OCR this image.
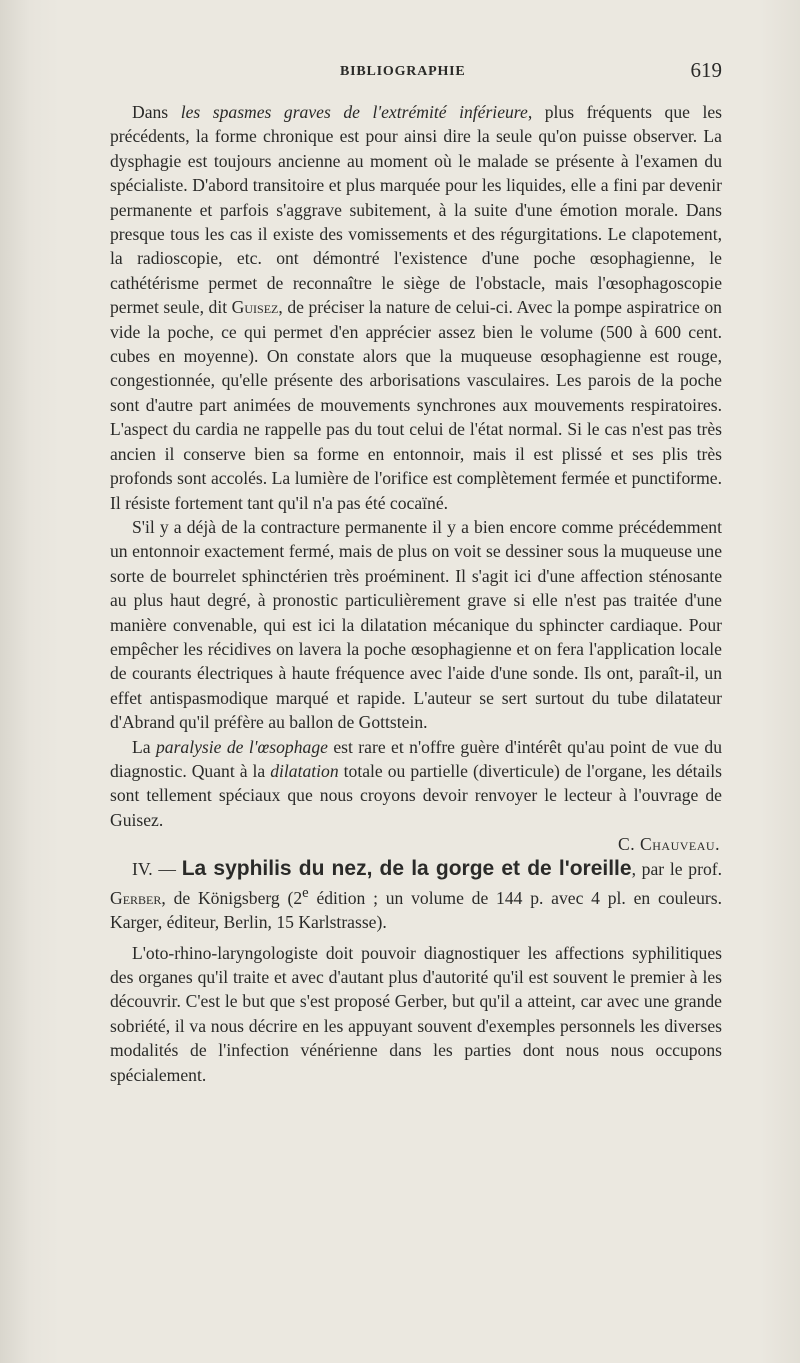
BIBLIOGRAPHIE	619

Dans les spasmes graves de l'extrémité inférieure, plus fréquents que les précédents, la forme chronique est pour ainsi dire la seule qu'on puisse observer. La dysphagie est toujours ancienne au moment où le malade se présente à l'examen du spécialiste. D'abord transitoire et plus marquée pour les liquides, elle a fini par devenir permanente et parfois s'aggrave subitement, à la suite d'une émotion morale. Dans presque tous les cas il existe des vomissements et des régurgitations. Le clapotement, la radioscopie, etc. ont démontré l'existence d'une poche œsophagienne, le cathétérisme permet de reconnaître le siège de l'obstacle, mais l'œsophagoscopie permet seule, dit Guisez, de préciser la nature de celui-ci. Avec la pompe aspiratrice on vide la poche, ce qui permet d'en apprécier assez bien le volume (500 à 600 cent. cubes en moyenne). On constate alors que la muqueuse œsophagienne est rouge, congestionnée, qu'elle présente des arborisations vasculaires. Les parois de la poche sont d'autre part animées de mouvements synchrones aux mouvements respiratoires. L'aspect du cardia ne rappelle pas du tout celui de l'état normal. Si le cas n'est pas très ancien il conserve bien sa forme en entonnoir, mais il est plissé et ses plis très profonds sont accolés. La lumière de l'orifice est complètement fermée et punctiforme. Il résiste fortement tant qu'il n'a pas été cocaïné.

S'il y a déjà de la contracture permanente il y a bien encore comme précédemment un entonnoir exactement fermé, mais de plus on voit se dessiner sous la muqueuse une sorte de bourrelet sphinctérien très proéminent. Il s'agit ici d'une affection sténosante au plus haut degré, à pronostic particulièrement grave si elle n'est pas traitée d'une manière convenable, qui est ici la dilatation mécanique du sphincter cardiaque. Pour empêcher les récidives on lavera la poche œsophagienne et on fera l'application locale de courants électriques à haute fréquence avec l'aide d'une sonde. Ils ont, paraît-il, un effet antispasmodique marqué et rapide. L'auteur se sert surtout du tube dilatateur d'Abrand qu'il préfère au ballon de Gottstein.

La paralysie de l'œsophage est rare et n'offre guère d'intérêt qu'au point de vue du diagnostic. Quant à la dilatation totale ou partielle (diverticule) de l'organe, les détails sont tellement spéciaux que nous croyons devoir renvoyer le lecteur à l'ouvrage de Guisez.

C. Chauveau.

IV. — La syphilis du nez, de la gorge et de l'oreille, par le prof. Gerber, de Königsberg (2e édition ; un volume de 144 p. avec 4 pl. en couleurs. Karger, éditeur, Berlin, 15 Karlstrasse).

L'oto-rhino-laryngologiste doit pouvoir diagnostiquer les affections syphilitiques des organes qu'il traite et avec d'autant plus d'autorité qu'il est souvent le premier à les découvrir. C'est le but que s'est proposé Gerber, but qu'il a atteint, car avec une grande sobriété, il va nous décrire en les appuyant souvent d'exemples personnels les diverses modalités de l'infection vénérienne dans les parties dont nous nous occupons spécialement.
